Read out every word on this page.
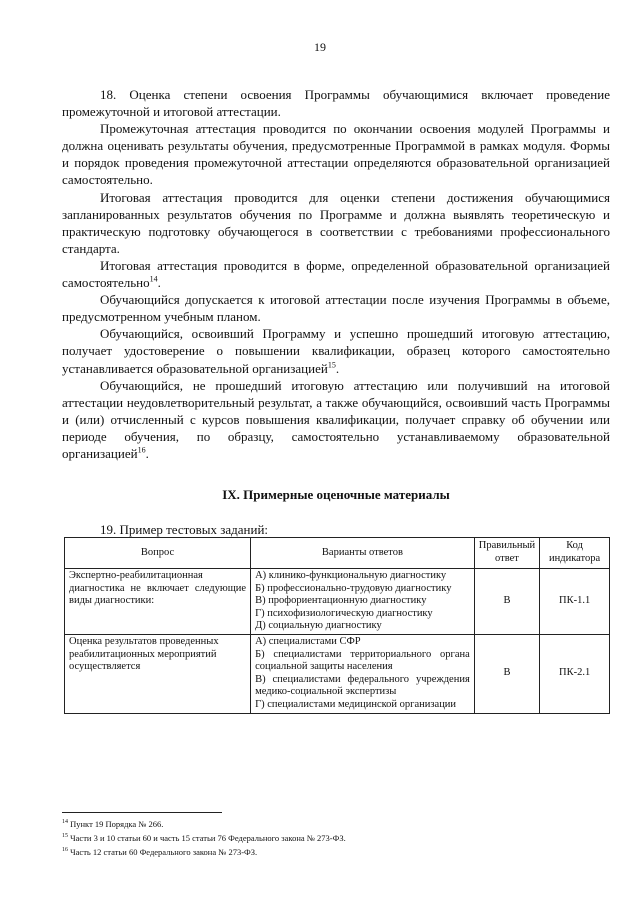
19

18. Оценка степени освоения Программы обучающимися включает проведение промежуточной и итоговой аттестации.

Промежуточная аттестация проводится по окончании освоения модулей Программы и должна оценивать результаты обучения, предусмотренные Программой в рамках модуля. Формы и порядок проведения промежуточной аттестации определяются образовательной организацией самостоятельно.

Итоговая аттестация проводится для оценки степени достижения обучающимися запланированных результатов обучения по Программе и должна выявлять теоретическую и практическую подготовку обучающегося в соответствии с требованиями профессионального стандарта.

Итоговая аттестация проводится в форме, определенной образовательной организацией самостоятельно$^{14}$.

Обучающийся допускается к итоговой аттестации после изучения Программы в объеме, предусмотренном учебным планом.

Обучающийся, освоивший Программу и успешно прошедший итоговую аттестацию, получает удостоверение о повышении квалификации, образец которого самостоятельно устанавливается образовательной организацией$^{15}$.

Обучающийся, не прошедший итоговую аттестацию или получивший на итоговой аттестации неудовлетворительный результат, а также обучающийся, освоивший часть Программы и (или) отчисленный с курсов повышения квалификации, получает справку об обучении или периоде обучения, по образцу, самостоятельно устанавливаемому образовательной организацией$^{16}$.

IX. Примерные оценочные материалы

19. Пример тестовых заданий:

Вопрос	Варианты ответов	Правильный ответ	Код индикатора
Экспертно-реабилитационная диагностика не включает следующие виды диагностики:	А) клинико-функциональную диагностику
Б) профессионально-трудовую диагностику
В) профориентационную диагностику
Г) психофизиологическую диагностику
Д) социальную диагностику	В	ПК-1.1
Оценка результатов проведенных реабилитационных мероприятий осуществляется	А) специалистами СФР
Б) специалистами территориального органа социальной защиты населения
В) специалистами федерального учреждения медико-социальной экспертизы
Г) специалистами медицинской организации	В	ПК-2.1
$^{14}$ Пункт 19 Порядка № 266.
$^{15}$ Части 3 и 10 статьи 60 и часть 15 статьи 76 Федерального закона № 273-ФЗ.
$^{16}$ Часть 12 статьи 60 Федерального закона № 273-ФЗ.
